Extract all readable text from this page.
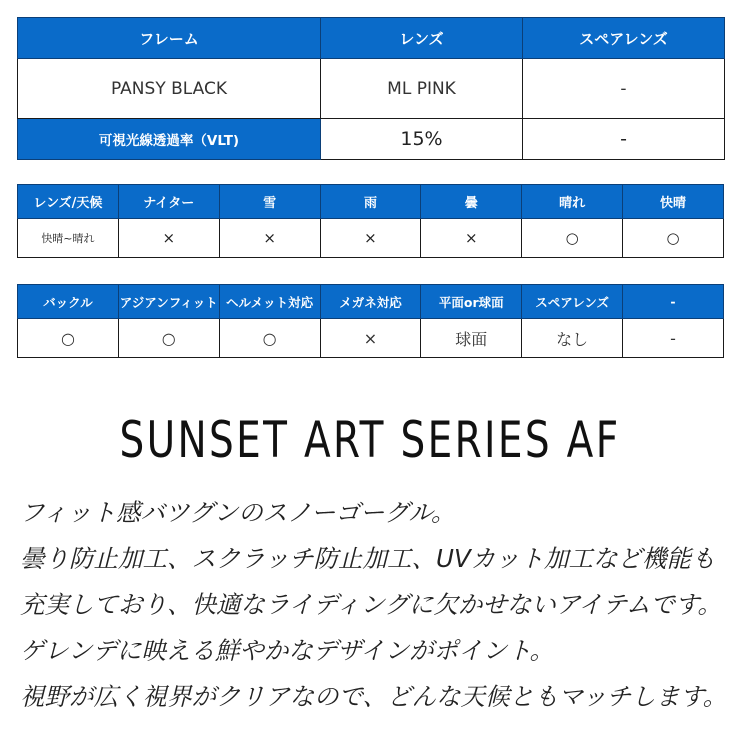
フレーム	レンズ	スペアレンズ
PANSY BLACK	ML PINK	-
可視光線透過率（VLT)	15%	-
レンズ/天候	ナイター	雪	雨	曇	晴れ	快晴
快晴~晴れ	×	×	×	×	○	○
バックル	アジアンフィット	ヘルメット対応	メガネ対応	平面or球面	スペアレンズ	-
○	○	○	×	球面	なし	-
SUNSET ART SERIES AF
フィット感バツグンのスノーゴーグル。
曇り防止加工、スクラッチ防止加工、UVカット加工など機能も
充実しており、快適なライディングに欠かせないアイテムです。
ゲレンデに映える鮮やかなデザインがポイント。
視野が広く視界がクリアなので、どんな天候ともマッチします。
